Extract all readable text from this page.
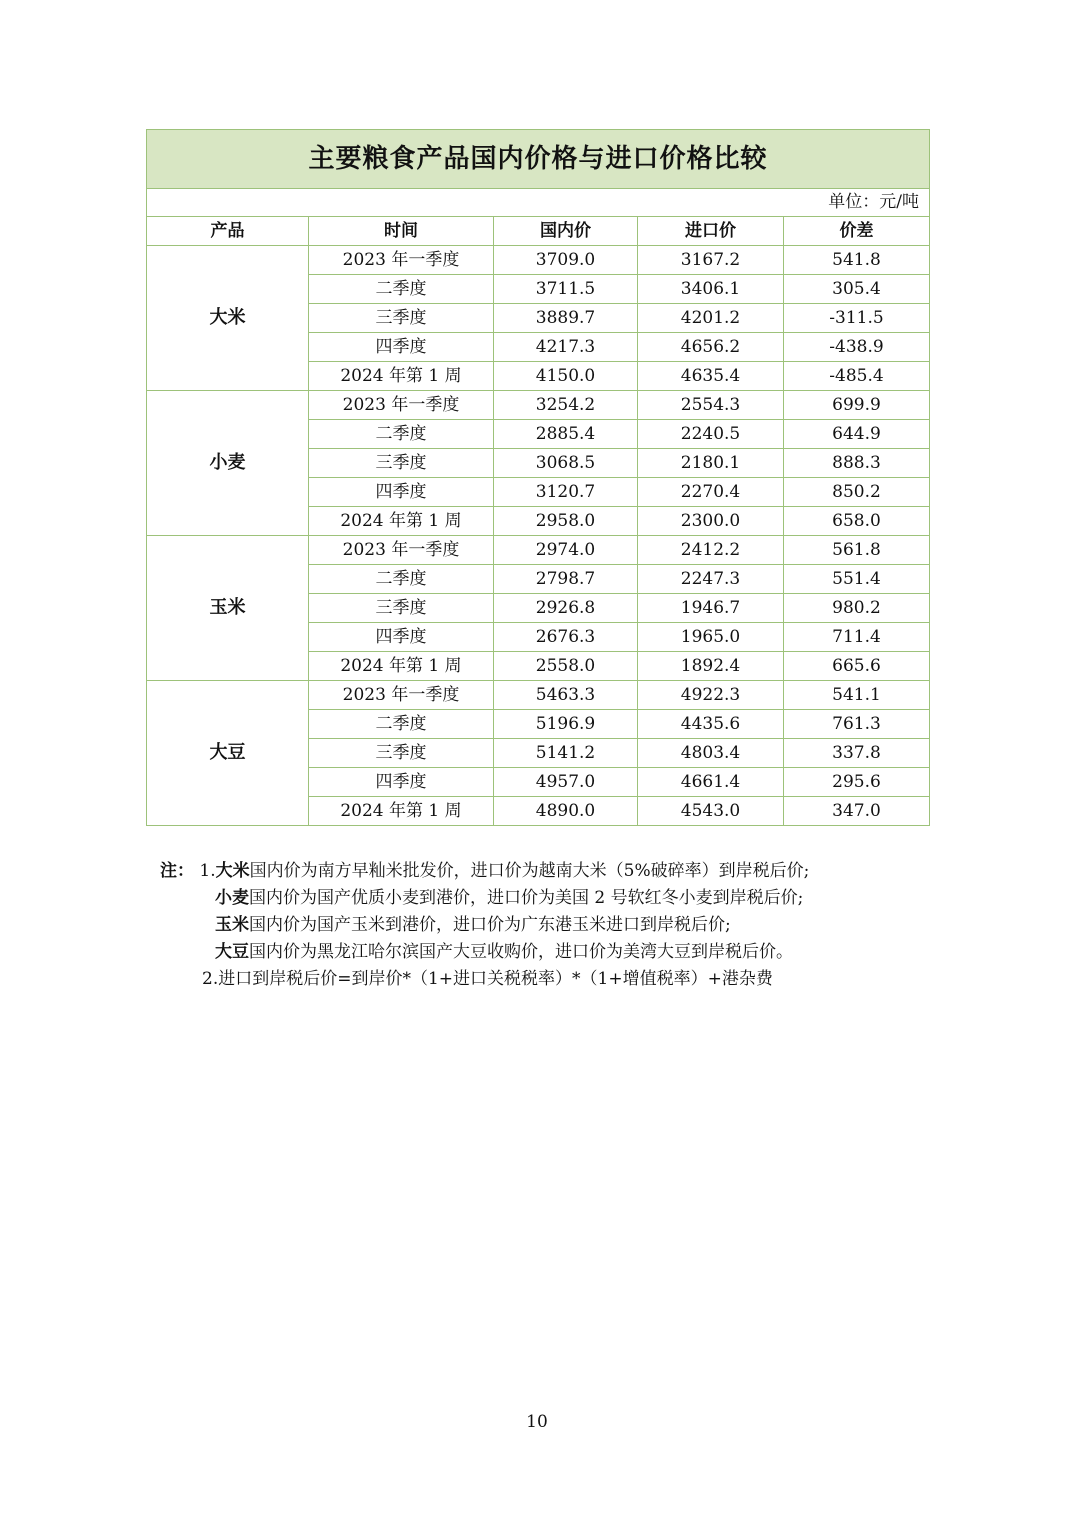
主要粮食产品国内价格与进口价格比较				
单位：元/吨				
产品	时间	国内价	进口价	价差
大米	2023 年一季度	3709.0	3167.2	541.8
	二季度	3711.5	3406.1	305.4
	三季度	3889.7	4201.2	-311.5
	四季度	4217.3	4656.2	-438.9
	2024 年第 1 周	4150.0	4635.4	-485.4
小麦	2023 年一季度	3254.2	2554.3	699.9
	二季度	2885.4	2240.5	644.9
	三季度	3068.5	2180.1	888.3
	四季度	3120.7	2270.4	850.2
	2024 年第 1 周	2958.0	2300.0	658.0
玉米	2023 年一季度	2974.0	2412.2	561.8
	二季度	2798.7	2247.3	551.4
	三季度	2926.8	1946.7	980.2
	四季度	2676.3	1965.0	711.4
	2024 年第 1 周	2558.0	1892.4	665.6
大豆	2023 年一季度	5463.3	4922.3	541.1
	二季度	5196.9	4435.6	761.3
	三季度	5141.2	4803.4	337.8
	四季度	4957.0	4661.4	295.6
	2024 年第 1 周	4890.0	4543.0	347.0
注： 1.大米国内价为南方早籼米批发价，进口价为越南大米（5%破碎率）到岸税后价;
小麦国内价为国产优质小麦到港价，进口价为美国 2 号软红冬小麦到岸税后价;
玉米国内价为国产玉米到港价，进口价为广东港玉米进口到岸税后价;
大豆国内价为黑龙江哈尔滨国产大豆收购价，进口价为美湾大豆到岸税后价。
2.进口到岸税后价=到岸价*（1+进口关税税率）*（1+增值税率）+港杂费
10
